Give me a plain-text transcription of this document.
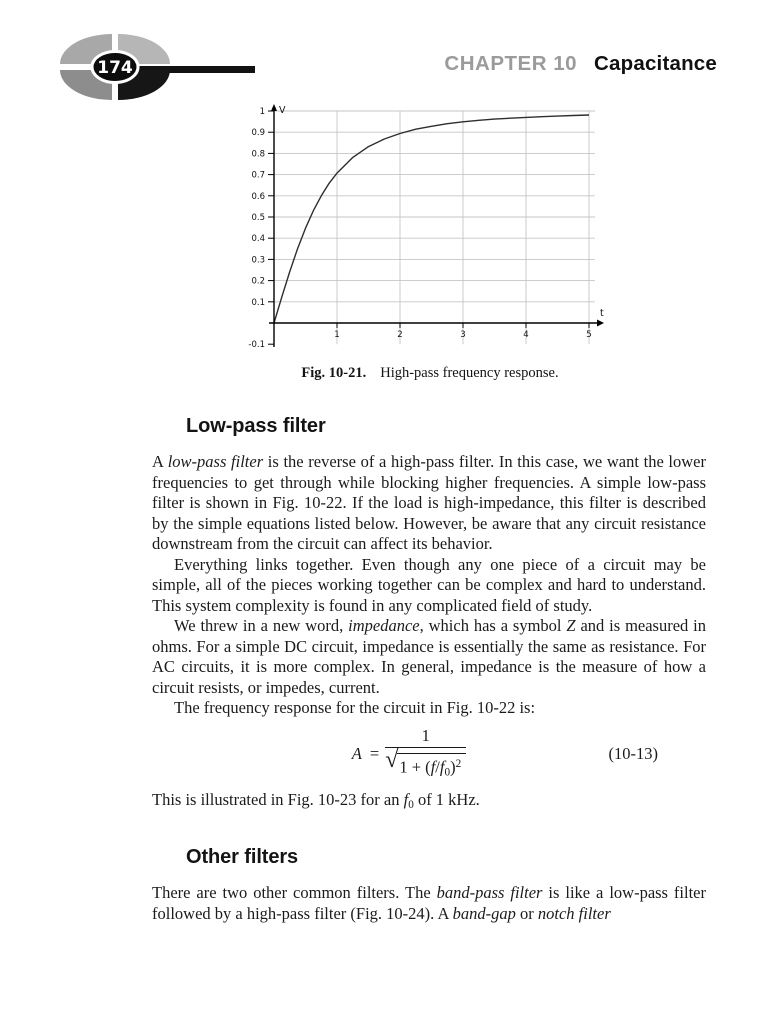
174	CHAPTER 10 Capacitance
-0.1
0.1
0.2
0.3
0.4
0.5
0.6
0.7
0.8
0.9
1
1	2	3	4	5
V
t
Fig. 10-21. High-pass frequency response.
Low-pass filter

A low-pass filter is the reverse of a high-pass filter. In this case, we want the lower frequencies to get through while blocking higher frequencies. A simple low-pass filter is shown in Fig. 10-22. If the load is high-impedance, this filter is described by the simple equations listed below. However, be aware that any circuit resistance downstream from the circuit can affect its behavior.

Everything links together. Even though any one piece of a circuit may be simple, all of the pieces working together can be complex and hard to understand. This system complexity is found in any complicated field of study.

We threw in a new word, impedance, which has a symbol Z and is measured in ohms. For a simple DC circuit, impedance is essentially the same as resistance. For AC circuits, it is more complex. In general, impedance is the measure of how a circuit resists, or impedes, current.

The frequency response for the circuit in Fig. 10-22 is:

$A = \frac{1}{√ 1 + (f/f0)^2}$	(10-13)

This is illustrated in Fig. 10-23 for an f0 of 1 kHz.

Other filters

There are two other common filters. The band-pass filter is like a low-pass filter followed by a high-pass filter (Fig. 10-24). A band-gap or notch filter
